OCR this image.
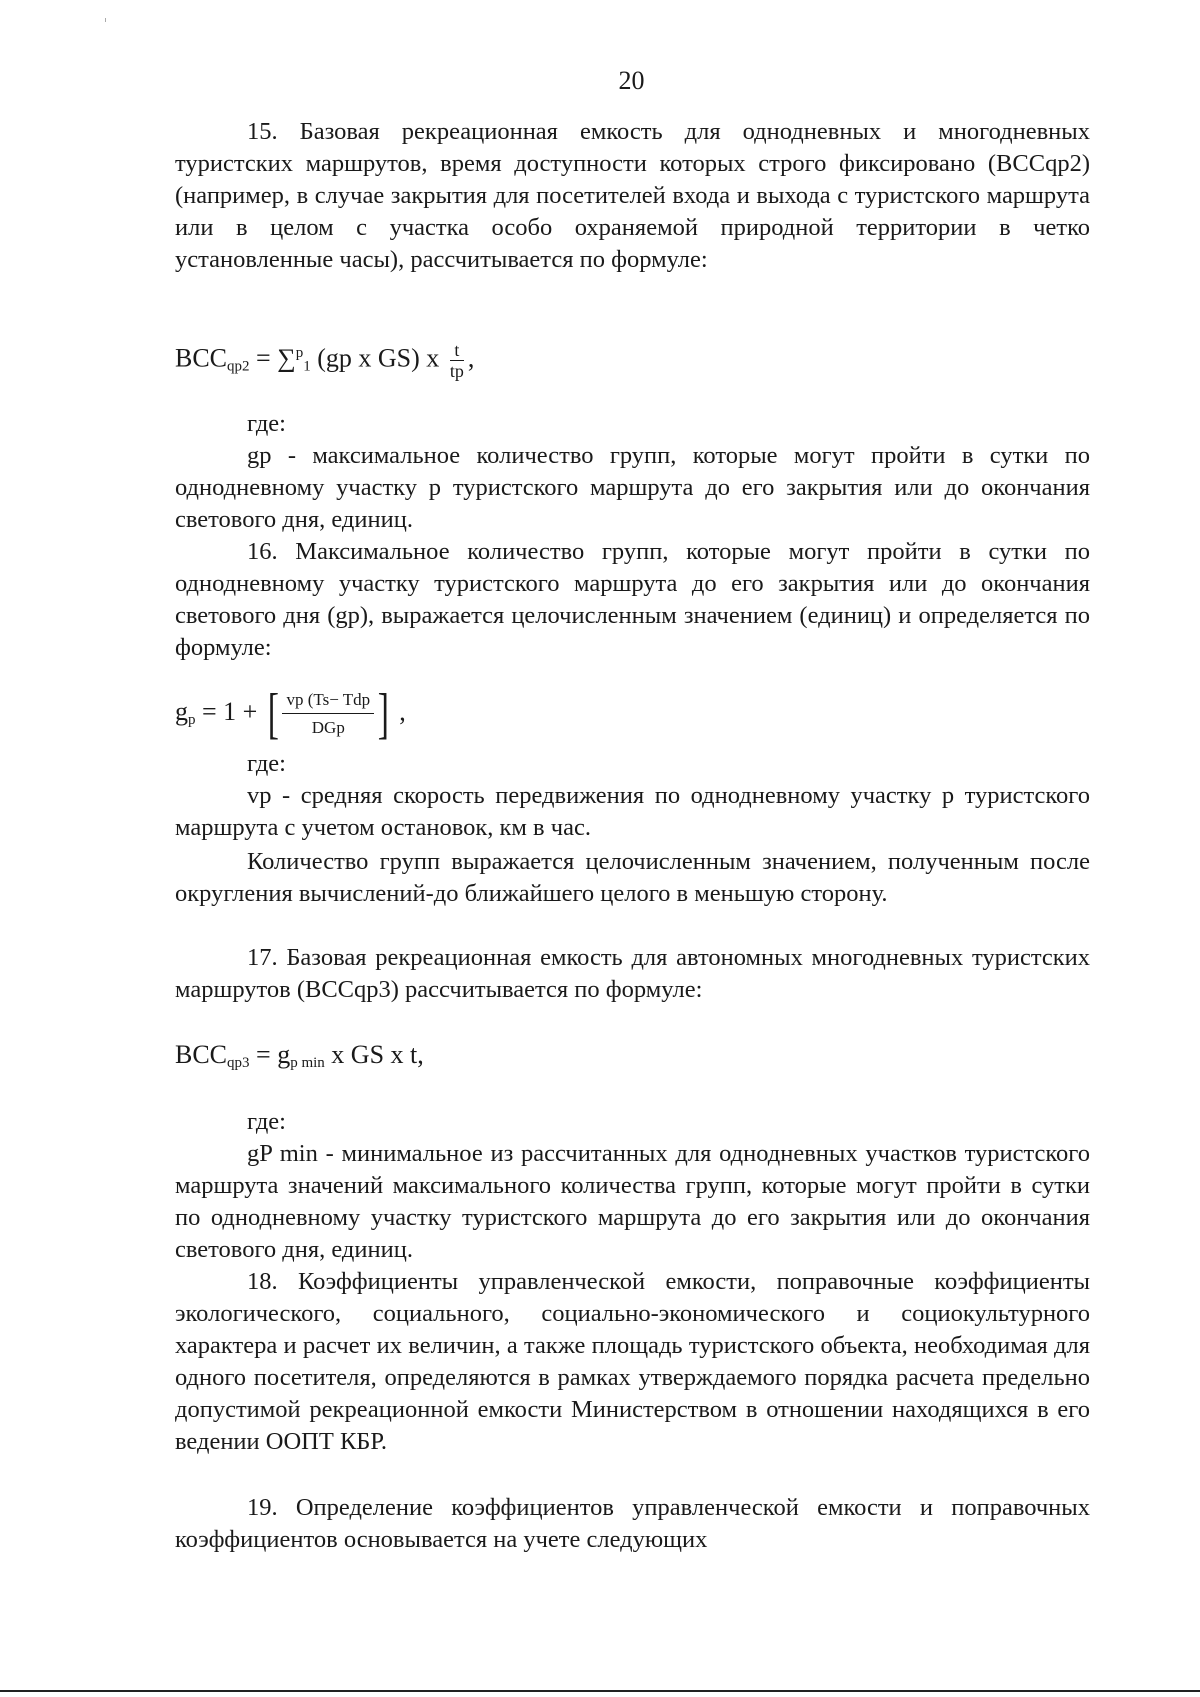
20

15. Базовая рекреационная емкость для однодневных и многодневных туристских маршрутов, время доступности которых строго фиксировано (BCCqp2) (например, в случае закрытия для посетителей входа и выхода с туристского маршрута или в целом с участка особо охраняемой природной территории в четко установленные часы), рассчитывается по формуле:

$BCC_{qp2} = \sum^p_1$ (gp x GS) x $\frac{t}{tp}$ ,
где:

gp - максимальное количество групп, которые могут пройти в сутки по однодневному участку p туристского маршрута до его закрытия или до окончания светового дня, единиц.

16. Максимальное количество групп, которые могут пройти в сутки по однодневному участку туристского маршрута до его закрытия или до окончания светового дня (gp), выражается целочисленным значением (единиц) и определяется по формуле:

$g_p = 1$ + [ vp (Ts− Tdp
DGp ] ,
где:

vp - средняя скорость передвижения по однодневному участку p туристского маршрута с учетом остановок, км в час.

Количество групп выражается целочисленным значением, полученным после округления вычислений-до ближайшего целого в меньшую сторону.

17. Базовая рекреационная емкость для автономных многодневных туристских маршрутов (BCCqp3) рассчитывается по формуле:

$BCC_{qp3} = g_{p min}$ x GS x t,
где:

gP min - минимальное из рассчитанных для однодневных участков туристского маршрута значений максимального количества групп, которые могут пройти в сутки по однодневному участку туристского маршрута до его закрытия или до окончания светового дня, единиц.

18. Коэффициенты управленческой емкости, поправочные коэффициенты экологического, социального, социально-экономического и социокультурного характера и расчет их величин, а также площадь туристского объекта, необходимая для одного посетителя, определяются в рамках утверждаемого порядка расчета предельно допустимой рекреационной емкости Министерством в отношении находящихся в его ведении ООПТ КБР.

19. Определение коэффициентов управленческой емкости и поправочных коэффициентов основывается на учете следующих
